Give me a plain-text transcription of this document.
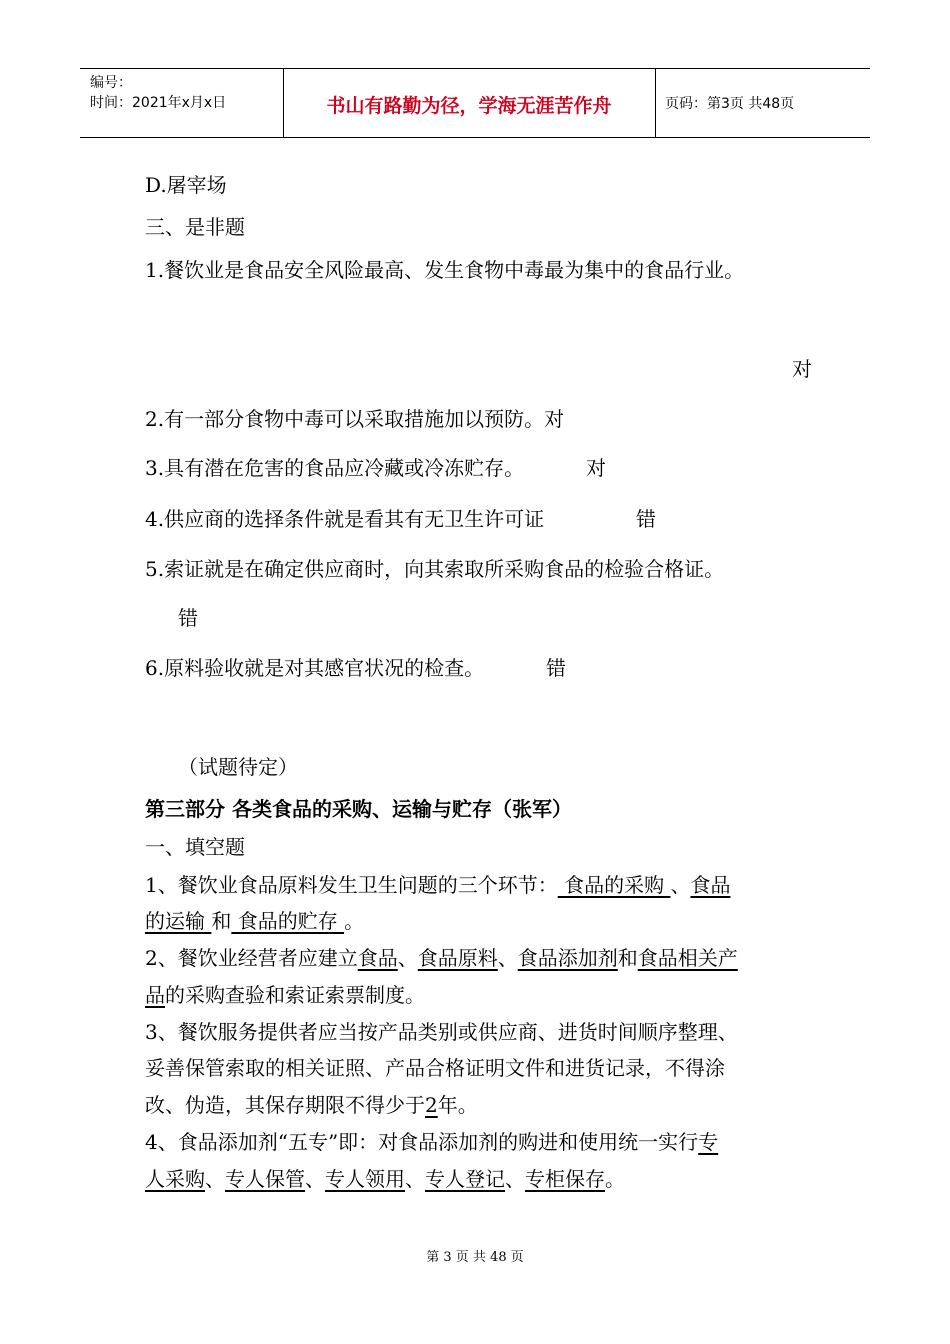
编号：
时间：2021年x月x日	书山有路勤为径，学海无涯苦作舟	页码：第3页 共48页
D.屠宰场
三、是非题
1.餐饮业是食品安全风险最高、发生食物中毒最为集中的食品行业。
对
2.有一部分食物中毒可以采取措施加以预防。对
3.具有潜在危害的食品应冷藏或冷冻贮存。	对
4.供应商的选择条件就是看其有无卫生许可证	错
5.索证就是在确定供应商时，向其索取所采购食品的检验合格证。
错
6.原料验收就是对其感官状况的检查。	错
（试题待定）
第三部分 各类食品的采购、运输与贮存（张军）
一、填空题
1、餐饮业食品原料发生卫生问题的三个环节： 食品的采购 、食品
的运输 和 食品的贮存 。
2、餐饮业经营者应建立食品、食品原料、食品添加剂和食品相关产
品的采购查验和索证索票制度。
3、餐饮服务提供者应当按产品类别或供应商、进货时间顺序整理、
妥善保管索取的相关证照、产品合格证明文件和进货记录，不得涂
改、伪造，其保存期限不得少于2年。
4、食品添加剂“五专”即：对食品添加剂的购进和使用统一实行专
人采购、专人保管、专人领用、专人登记、专柜保存。
第 3 页 共 48 页
